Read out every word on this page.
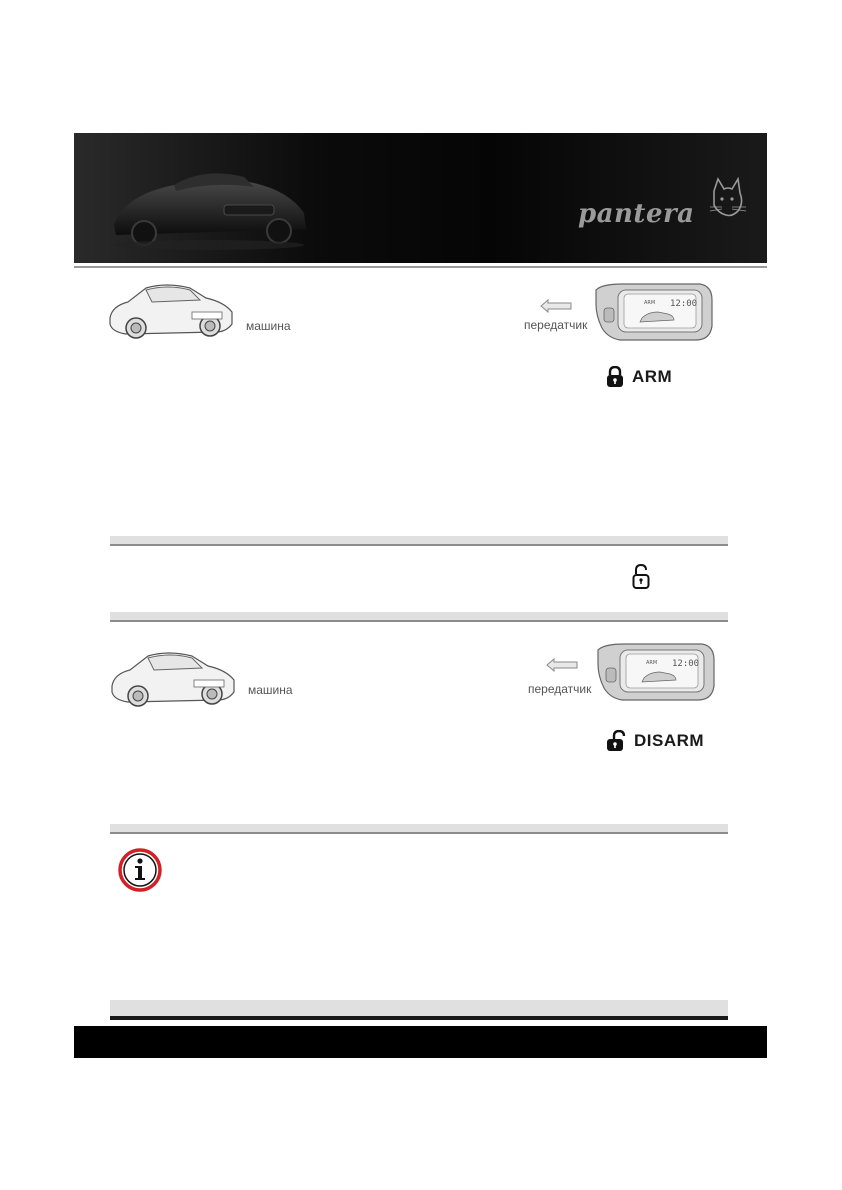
pantera
машина	передатчик
12:00
ARM
ARM
машина	передатчик
12:00
ARM
DISARM
